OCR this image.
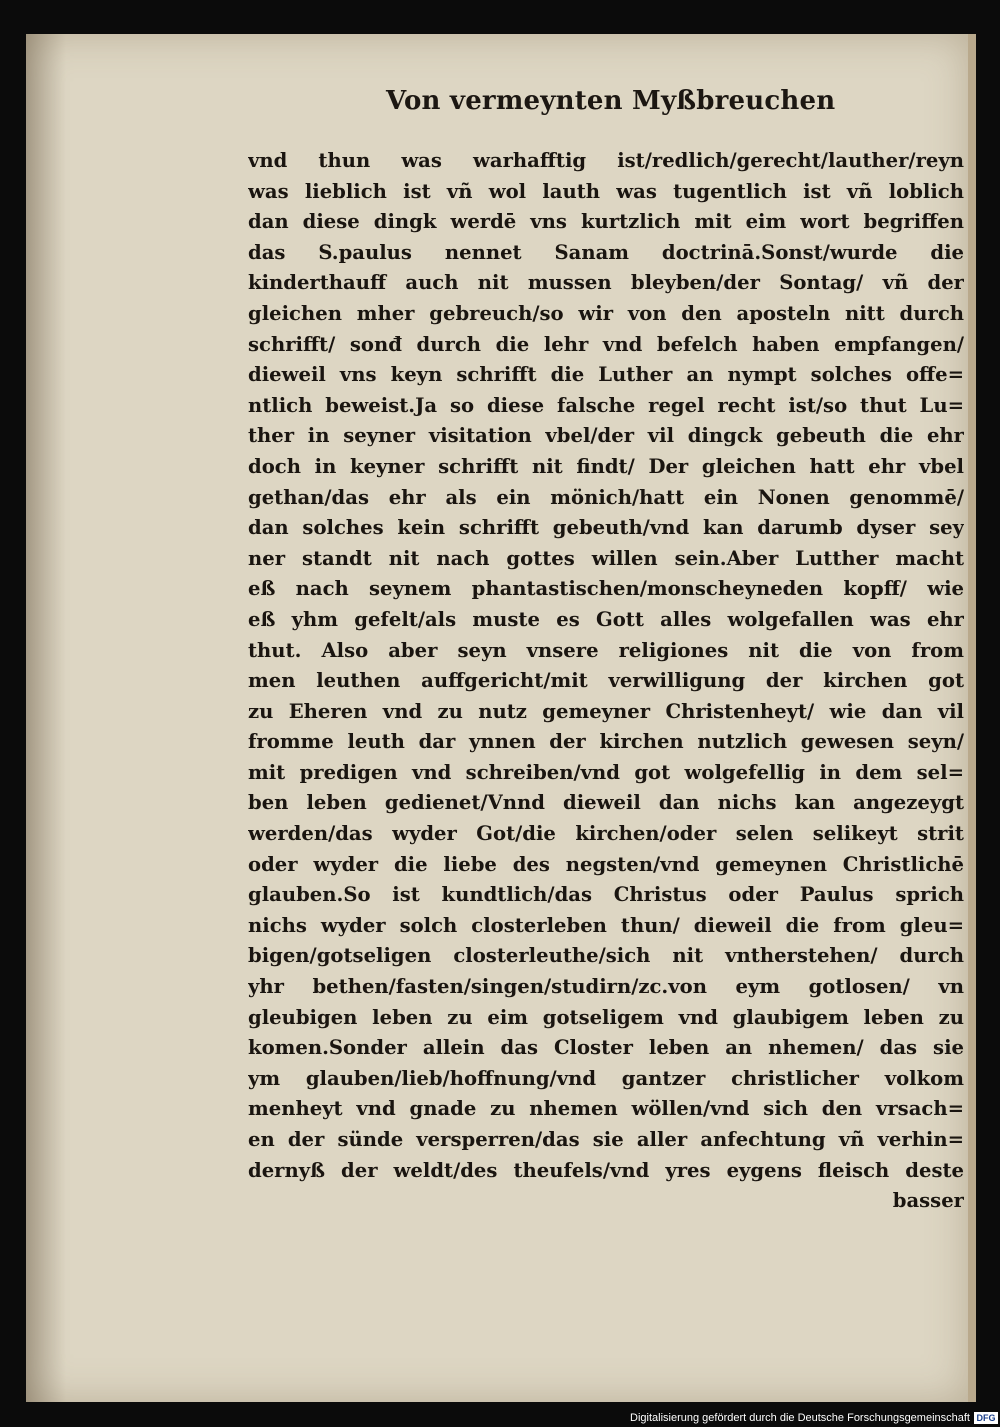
Von vermeynten Myßbreuchen
vnd thun was warhafftig ist/redlich/gerecht/lauther/reyn
was lieblich ist vñ wol lauth was tugentlich ist vñ loblich
dan diese dingk werdē vns kurtzlich mit eim wort begriffen
das S.paulus nennet Sanam doctrinā.Sonst/wurde die
kinderthauff auch nit mussen bleyben/der Sontag/ vñ der
gleichen mher gebreuch/so wir von den aposteln nitt durch
schrifft/ sonđ durch die lehr vnd befelch haben empfangen/
dieweil vns keyn schrifft die Luther an nympt solches offe=
ntlich beweist.Ja so diese falsche regel recht ist/so thut Lu=
ther in seyner visitation vbel/der vil dingck gebeuth die ehr
doch in keyner schrifft nit findt/ Der gleichen hatt ehr vbel
gethan/das ehr als ein mönich/hatt ein Nonen genommē/
dan solches kein schrifft gebeuth/vnd kan darumb dyser sey
ner standt nit nach gottes willen sein.Aber Lutther macht
eß nach seynem phantastischen/monscheyneden kopff/ wie
eß yhm gefelt/als muste es Gott alles wolgefallen was ehr
thut. Also aber seyn vnsere religiones nit die von from
men leuthen auffgericht/mit verwilligung der kirchen got
zu Eheren vnd zu nutz gemeyner Christenheyt/ wie dan vil
fromme leuth dar ynnen der kirchen nutzlich gewesen seyn/
mit predigen vnd schreiben/vnd got wolgefellig in dem sel=
ben leben gedienet/Vnnd dieweil dan nichs kan angezeygt
werden/das wyder Got/die kirchen/oder selen selikeyt strit
oder wyder die liebe des negsten/vnd gemeynen Christlichē
glauben.So ist kundtlich/das Christus oder Paulus sprich
nichs wyder solch closterleben thun/ dieweil die from gleu=
bigen/gotseligen closterleuthe/sich nit vntherstehen/ durch
yhr bethen/fasten/singen/studirn/zc.von eym gotlosen/ vn
gleubigen leben zu eim gotseligem vnd glaubigem leben zu
komen.Sonder allein das Closter leben an nhemen/ das sie
ym glauben/lieb/hoffnung/vnd gantzer christlicher volkom
menheyt vnd gnade zu nhemen wöllen/vnd sich den vrsach=
en der sünde versperren/das sie aller anfechtung vñ verhin=
dernyß der weldt/des theufels/vnd yres eygens fleisch deste
basser
Digitalisierung gefördert durch die Deutsche Forschungsgemeinschaft DFG
